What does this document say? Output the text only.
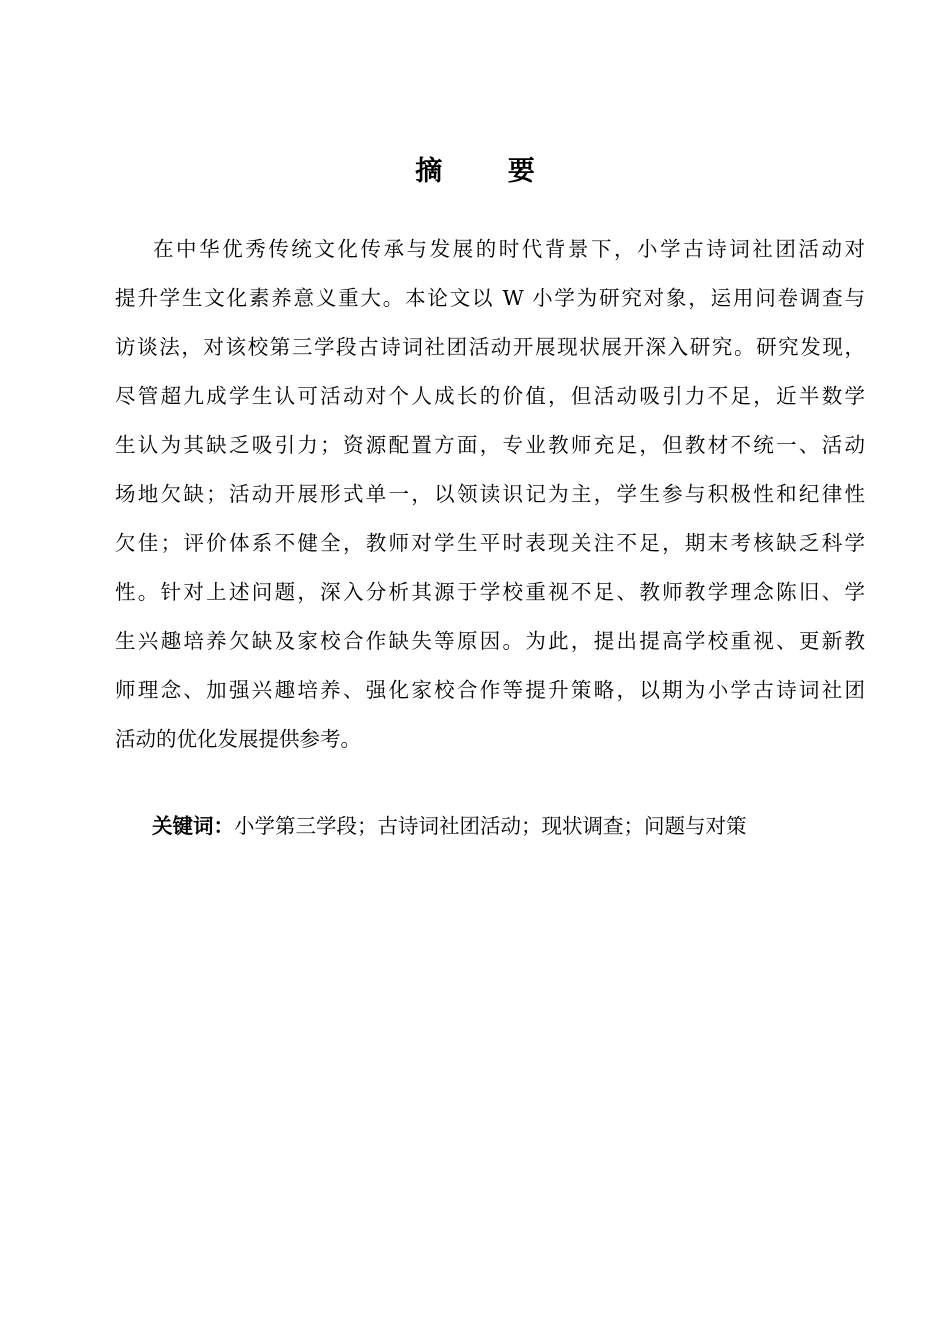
摘 要
在中华优秀传统文化传承与发展的时代背景下，小学古诗词社团活动对
提升学生文化素养意义重大。本论文以 W 小学为研究对象，运用问卷调查与
访谈法，对该校第三学段古诗词社团活动开展现状展开深入研究。研究发现，
尽管超九成学生认可活动对个人成长的价值，但活动吸引力不足，近半数学
生认为其缺乏吸引力；资源配置方面，专业教师充足，但教材不统一、活动
场地欠缺；活动开展形式单一，以领读识记为主，学生参与积极性和纪律性
欠佳；评价体系不健全，教师对学生平时表现关注不足，期末考核缺乏科学
性。针对上述问题，深入分析其源于学校重视不足、教师教学理念陈旧、学
生兴趣培养欠缺及家校合作缺失等原因。为此，提出提高学校重视、更新教
师理念、加强兴趣培养、强化家校合作等提升策略，以期为小学古诗词社团
活动的优化发展提供参考。
关键词：小学第三学段；古诗词社团活动；现状调查；问题与对策
